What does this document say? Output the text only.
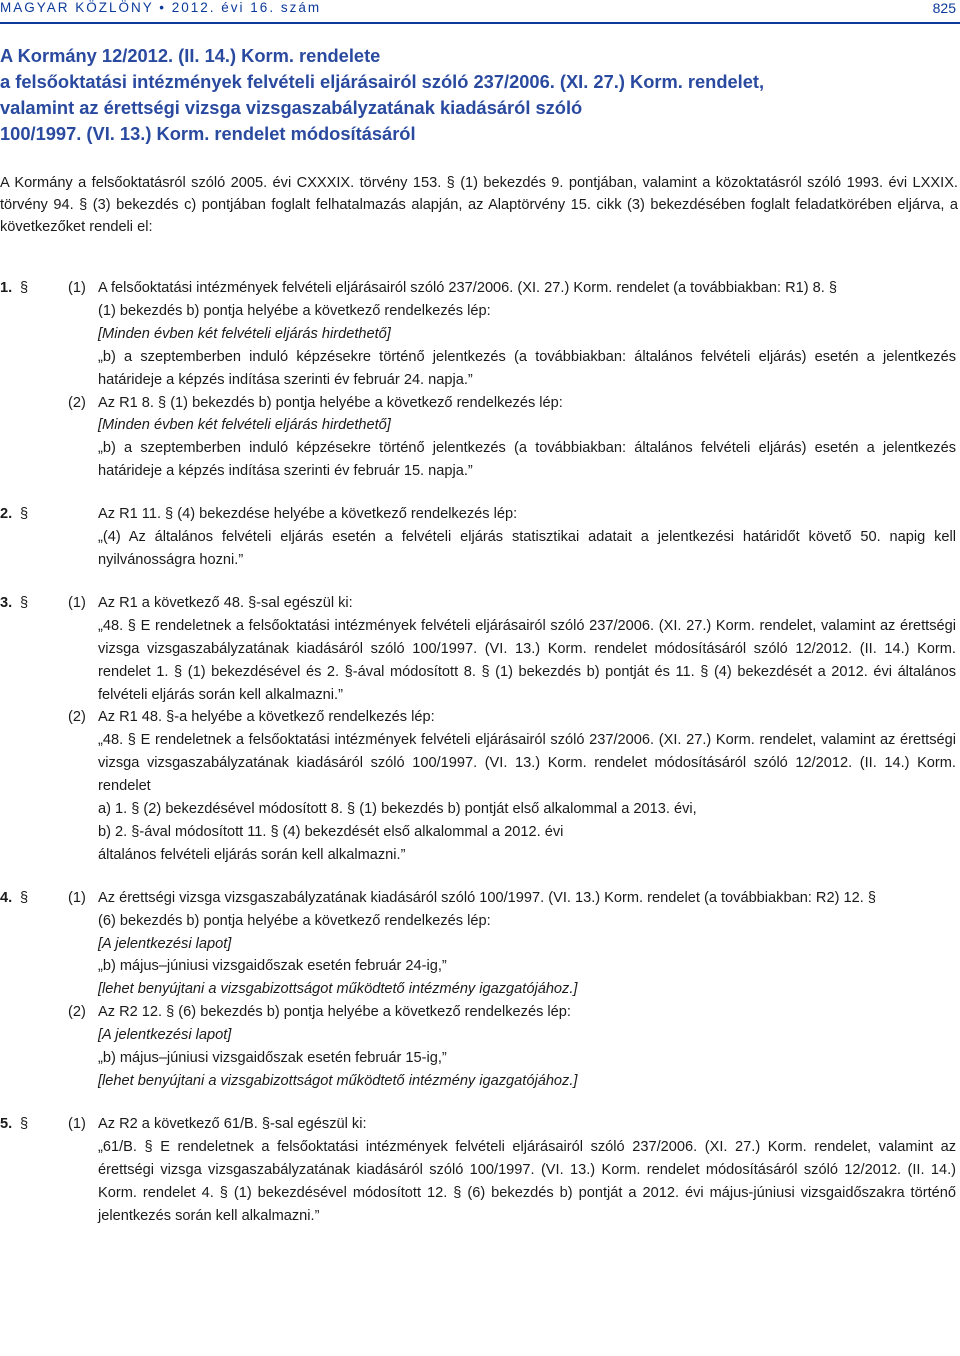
MAGYAR KÖZLÖNY • 2012. évi 16. szám	825
A Kormány 12/2012. (II. 14.) Korm. rendelete
a felsőoktatási intézmények felvételi eljárásairól szóló 237/2006. (XI. 27.) Korm. rendelet,
valamint az érettségi vizsga vizsgaszabályzatának kiadásáról szóló
100/1997. (VI. 13.) Korm. rendelet módosításáról

A Kormány a felsőoktatásról szóló 2005. évi CXXXIX. törvény 153. § (1) bekezdés 9. pontjában, valamint a közoktatásról szóló 1993. évi LXXIX. törvény 94. § (3) bekezdés c) pontjában foglalt felhatalmazás alapján, az Alaptörvény 15. cikk (3) bekezdésében foglalt feladatkörében eljárva, a következőket rendeli el:

1. §	(1) A felsőoktatási intézmények felvételi eljárásairól szóló 237/2006. (XI. 27.) Korm. rendelet (a továbbiakban: R1) 8. §
(1) bekezdés b) pontja helyébe a következő rendelkezés lép:
[Minden évben két felvételi eljárás hirdethető]
„b) a szeptemberben induló képzésekre történő jelentkezés (a továbbiakban: általános felvételi eljárás) esetén a jelentkezés határideje a képzés indítása szerinti év február 24. napja.”
(2) Az R1 8. § (1) bekezdés b) pontja helyébe a következő rendelkezés lép:
[Minden évben két felvételi eljárás hirdethető]
„b) a szeptemberben induló képzésekre történő jelentkezés (a továbbiakban: általános felvételi eljárás) esetén a jelentkezés határideje a képzés indítása szerinti év február 15. napja.”
2. §	Az R1 11. § (4) bekezdése helyébe a következő rendelkezés lép:
„(4) Az általános felvételi eljárás esetén a felvételi eljárás statisztikai adatait a jelentkezési határidőt követő 50. napig kell nyilvánosságra hozni.”
3. §	(1) Az R1 a következő 48. §-sal egészül ki:
„48. § E rendeletnek a felsőoktatási intézmények felvételi eljárásairól szóló 237/2006. (XI. 27.) Korm. rendelet, valamint az érettségi vizsga vizsgaszabályzatának kiadásáról szóló 100/1997. (VI. 13.) Korm. rendelet módosításáról szóló 12/2012. (II. 14.) Korm. rendelet 1. § (1) bekezdésével és 2. §-ával módosított 8. § (1) bekezdés b) pontját és 11. § (4) bekezdését a 2012. évi általános felvételi eljárás során kell alkalmazni.”
(2) Az R1 48. §-a helyébe a következő rendelkezés lép:
„48. § E rendeletnek a felsőoktatási intézmények felvételi eljárásairól szóló 237/2006. (XI. 27.) Korm. rendelet, valamint az érettségi vizsga vizsgaszabályzatának kiadásáról szóló 100/1997. (VI. 13.) Korm. rendelet módosításáról szóló 12/2012. (II. 14.) Korm. rendelet
a) 1. § (2) bekezdésével módosított 8. § (1) bekezdés b) pontját első alkalommal a 2013. évi,
b) 2. §-ával módosított 11. § (4) bekezdését első alkalommal a 2012. évi
általános felvételi eljárás során kell alkalmazni.”
4. §	(1) Az érettségi vizsga vizsgaszabályzatának kiadásáról szóló 100/1997. (VI. 13.) Korm. rendelet (a továbbiakban: R2) 12. §
(6) bekezdés b) pontja helyébe a következő rendelkezés lép:
[A jelentkezési lapot]
„b) május–júniusi vizsgaidőszak esetén február 24-ig,”
[lehet benyújtani a vizsgabizottságot működtető intézmény igazgatójához.]
(2) Az R2 12. § (6) bekezdés b) pontja helyébe a következő rendelkezés lép:
[A jelentkezési lapot]
„b) május–júniusi vizsgaidőszak esetén február 15-ig,”
[lehet benyújtani a vizsgabizottságot működtető intézmény igazgatójához.]
5. §	(1) Az R2 a következő 61/B. §-sal egészül ki:
„61/B. § E rendeletnek a felsőoktatási intézmények felvételi eljárásairól szóló 237/2006. (XI. 27.) Korm. rendelet, valamint az érettségi vizsga vizsgaszabályzatának kiadásáról szóló 100/1997. (VI. 13.) Korm. rendelet módosításáról szóló 12/2012. (II. 14.) Korm. rendelet 4. § (1) bekezdésével módosított 12. § (6) bekezdés b) pontját a 2012. évi május-júniusi vizsgaidőszakra történő jelentkezés során kell alkalmazni.”
